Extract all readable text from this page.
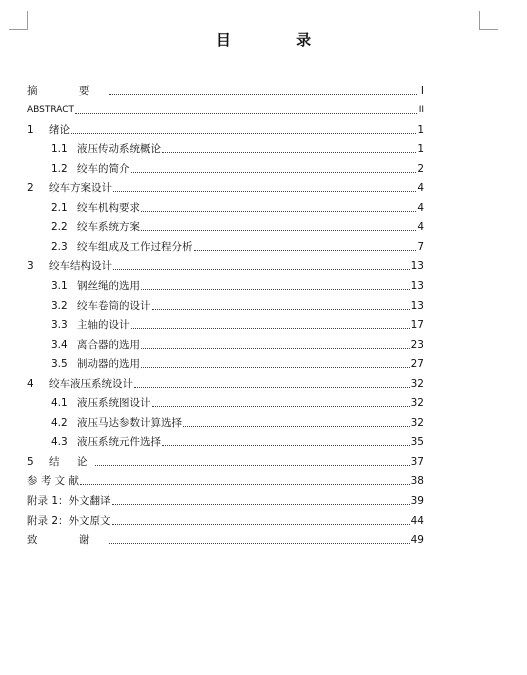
目 录
摘 要	I
ABSTRACT	II
1	绪论	1
1.1 液压传动系统概论	1
1.2 绞车的简介	2
2	绞车方案设计	4
2.1 绞车机构要求	4
2.2 绞车系统方案	4
2.3 绞车组成及工作过程分析	7
3	绞车结构设计	13
3.1 钢丝绳的选用	13
3.2 绞车卷筒的设计	13
3.3 主轴的设计	17
3.4 离合器的选用	23
3.5 制动器的选用	27
4	绞车液压系统设计	32
4.1 液压系统图设计	32
4.2 液压马达参数计算选择	32
4.3 液压系统元件选择	35
5	结 论	37
参 考 文 献	38
附录 1：外文翻译	39
附录 2：外文原文	44
致 谢	49
